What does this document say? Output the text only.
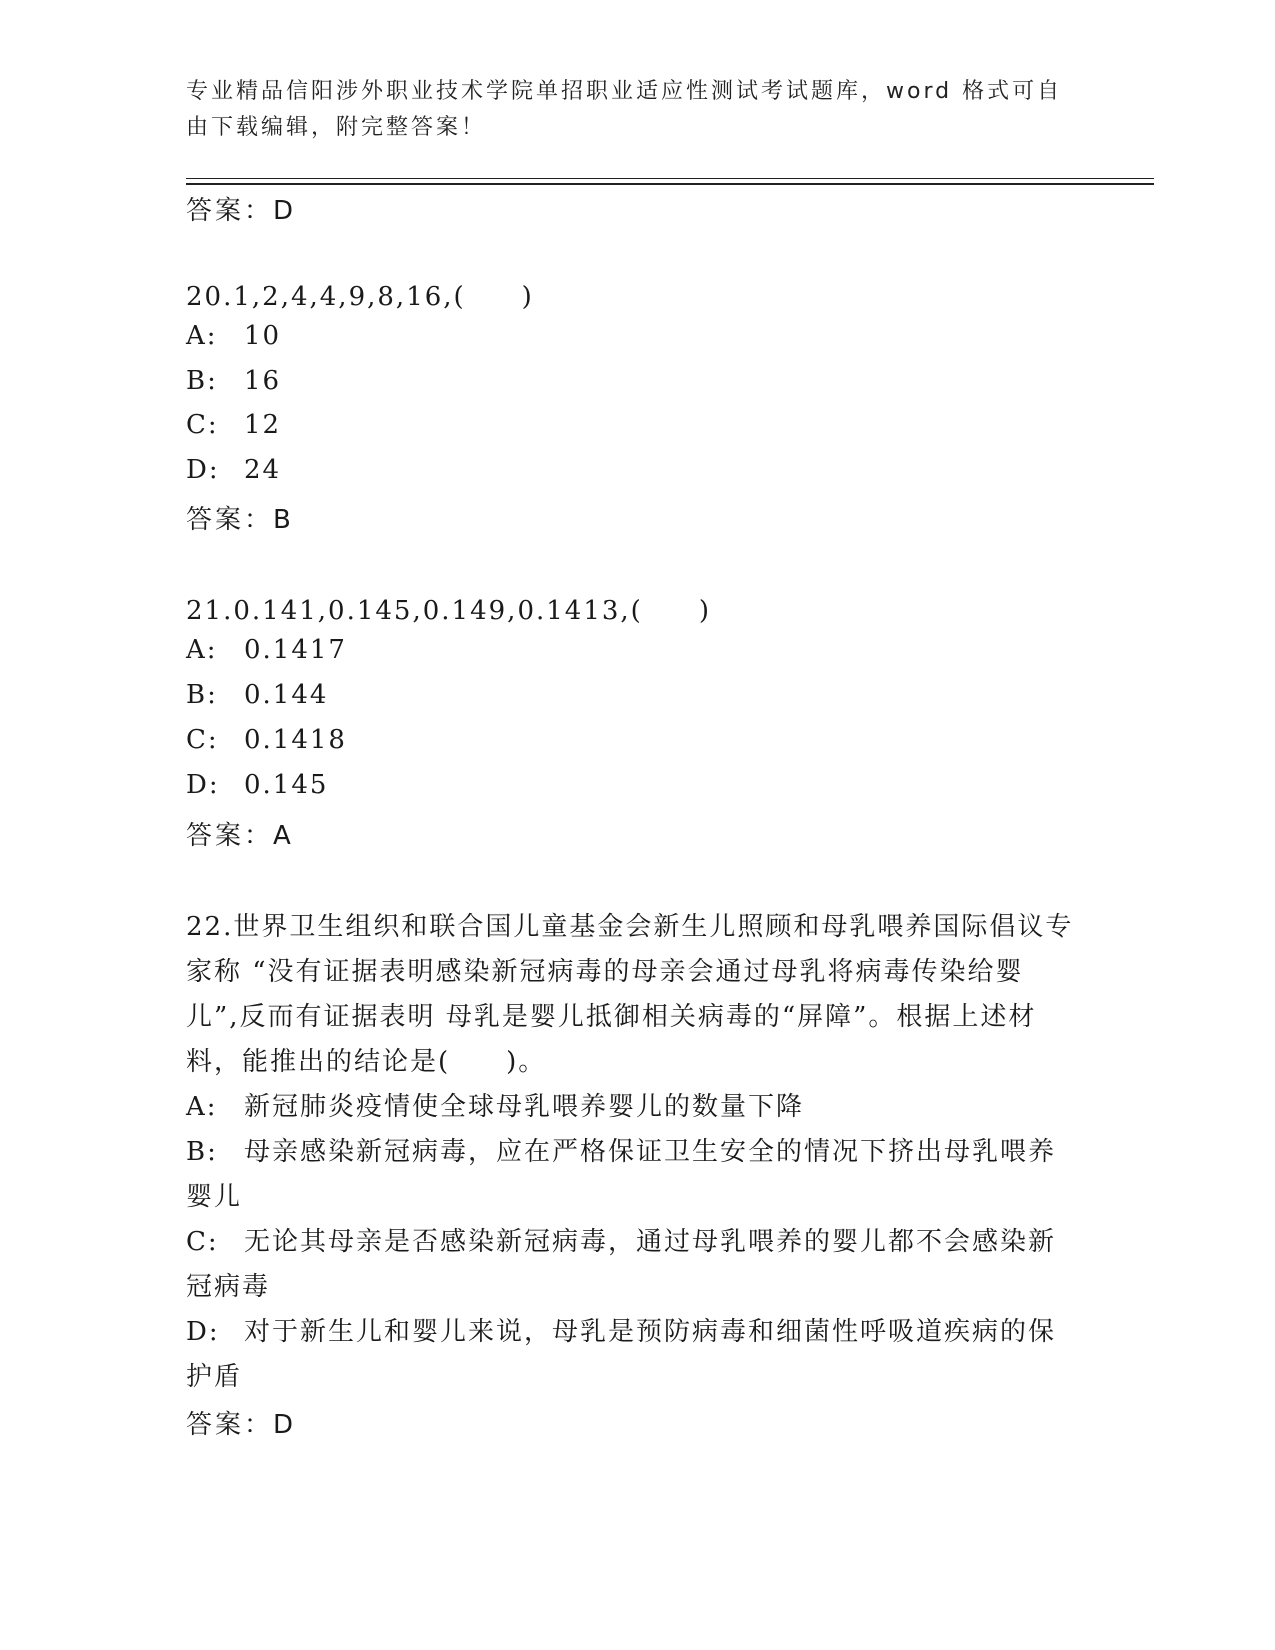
专业精品信阳涉外职业技术学院单招职业适应性测试考试题库，word 格式可自由下载编辑，附完整答案！
答案：D
20.1,2,4,4,9,8,16,(　　)
A: 10
B: 16
C: 12
D: 24
答案：B
21.0.141,0.145,0.149,0.1413,(　　)
A: 0.1417
B: 0.144
C: 0.1418
D: 0.145
答案：A
22.世界卫生组织和联合国儿童基金会新生儿照顾和母乳喂养国际倡议专家称 “没有证据表明感染新冠病毒的母亲会通过母乳将病毒传染给婴儿”,反而有证据表明 母乳是婴儿抵御相关病毒的“屏障”。根据上述材料，能推出的结论是(　　)。
A: 新冠肺炎疫情使全球母乳喂养婴儿的数量下降
B: 母亲感染新冠病毒，应在严格保证卫生安全的情况下挤出母乳喂养婴儿
C: 无论其母亲是否感染新冠病毒，通过母乳喂养的婴儿都不会感染新冠病毒
D: 对于新生儿和婴儿来说，母乳是预防病毒和细菌性呼吸道疾病的保护盾
答案：D
